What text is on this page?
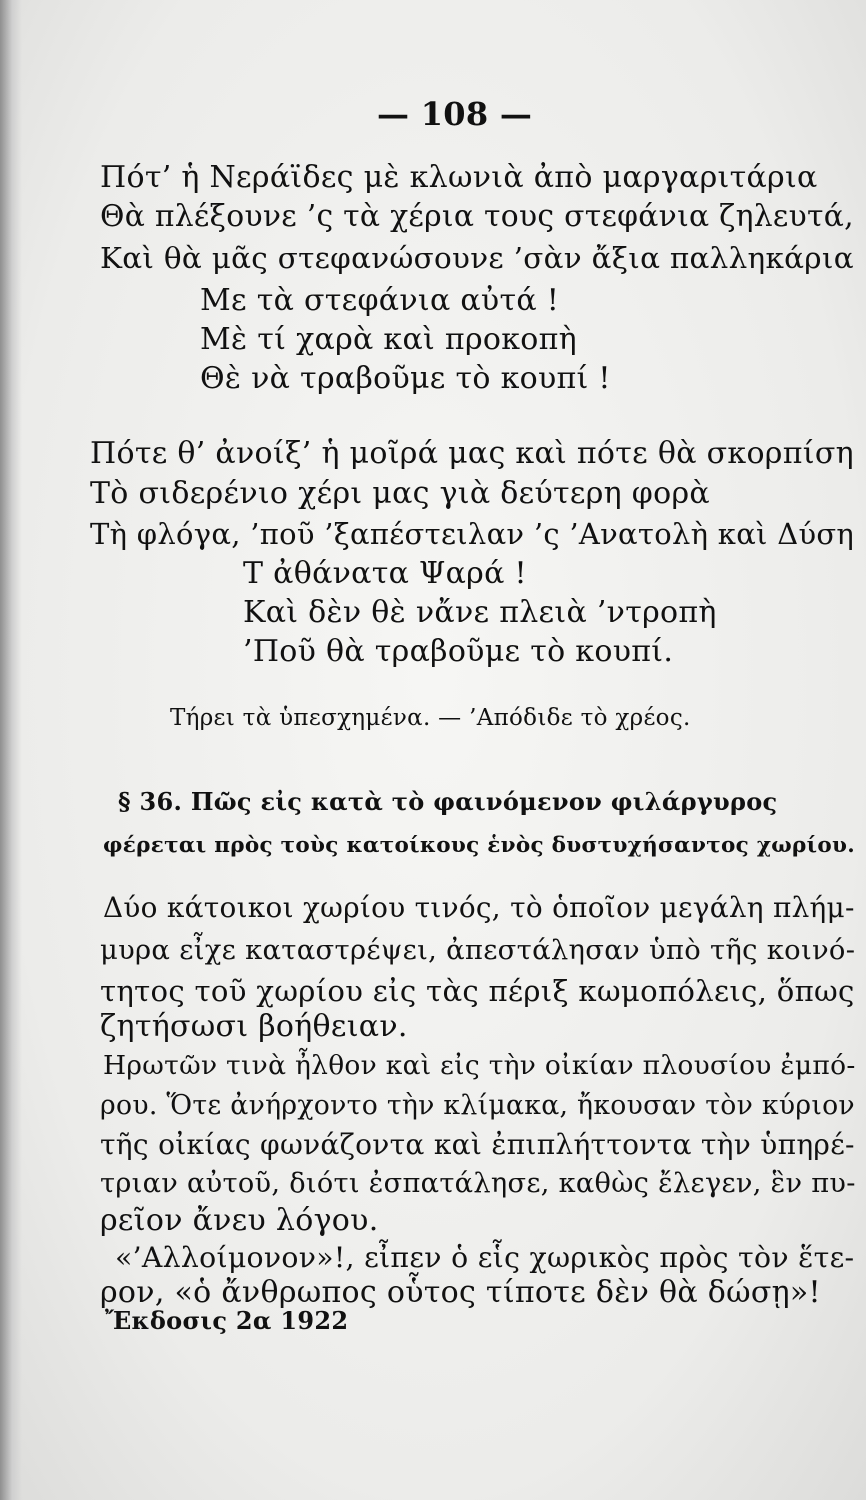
— 108 —
Πότ’ ἡ Νεράϊδες μὲ κλωνιὰ ἀπὸ μαργαριτάρια
Θὰ πλέξουνε ’ς τὰ χέρια τους στεφάνια ζηλευτά,
Καὶ θὰ μᾶς στεφανώσουνε ’σὰν ἄξια παλληκάρια
Με τὰ στεφάνια αὐτά !
Μὲ τί χαρὰ καὶ προκοπὴ
Θὲ νὰ τραβοῦμε τὸ κουπί !
Πότε θ’ ἀνοίξ’ ἡ μοῖρά μας καὶ πότε θὰ σκορπίση
Τὸ σιδερένιο χέρι μας γιὰ δεύτερη φορὰ
Τὴ φλόγα, ’ποῦ ’ξαπέστειλαν ’ς ’Ανατολὴ καὶ Δύση
Τ ἀθάνατα Ψαρά !
Καὶ δὲν θὲ νἄνε πλειὰ ’ντροπὴ
’Ποῦ θὰ τραβοῦμε τὸ κουπί.
Τήρει τὰ ὑπεσχημένα. — ’Απόδιδε τὸ χρέος.
§ 36. Πῶς εἰς κατὰ τὸ φαινόμενον φιλάργυρος
φέρεται πρὸς τοὺς κατοίκους ἑνὸς δυστυχήσαντος χωρίου.
Δύο κάτοικοι χωρίου τινός, τὸ ὁποῖον μεγάλη πλήμ-
μυρα εἶχε καταστρέψει, ἀπεστάλησαν ὑπὸ τῆς κοινό-
τητος τοῦ χωρίου εἰς τὰς πέριξ κωμοπόλεις, ὅπως
ζητήσωσι βοήθειαν.
Ηρωτῶν τινὰ ἦλθον καὶ εἰς τὴν οἰκίαν πλουσίου ἐμπό-
ρου. Ὅτε ἀνήρχοντο τὴν κλίμακα, ἤκουσαν τὸν κύριον
τῆς οἰκίας φωνάζοντα καὶ ἐπιπλήττοντα τὴν ὑπηρέ-
τριαν αὐτοῦ, διότι ἐσπατάλησε, καθὼς ἔλεγεν, ἓν πυ-
ρεῖον ἄνευ λόγου.
«’Αλλοίμονον»!, εἶπεν ὁ εἷς χωρικὸς πρὸς τὸν ἕτε-
ρον, «ὁ ἄνθρωπος οὗτος τίποτε δὲν θὰ δώσῃ»!
Ἔκδοσις 2α 1922
